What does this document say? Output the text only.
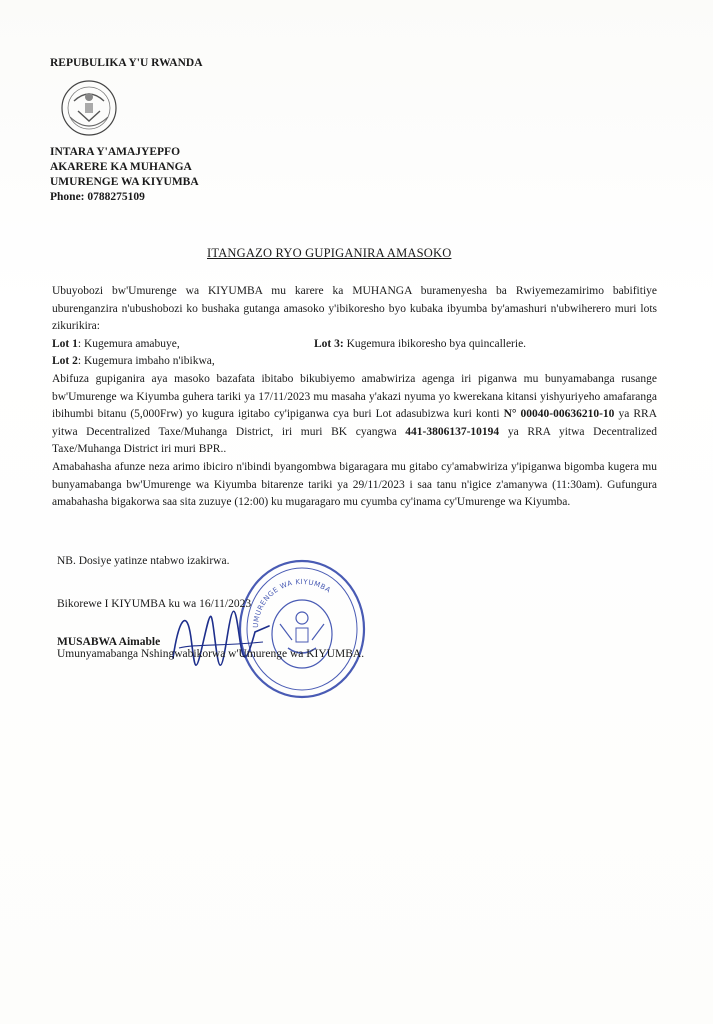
REPUBULIKA Y'U RWANDA
INTARA Y'AMAJYEPFO
AKARERE KA MUHANGA
UMURENGE WA KIYUMBA
Phone: 0788275109
ITANGAZO RYO GUPIGANIRA AMASOKO

Ubuyobozi bw'Umurenge wa KIYUMBA mu karere ka MUHANGA buramenyesha ba Rwiyemezamirimo babifitiye uburenganzira n'ubushobozi ko bushaka gutanga amasoko y'ibikoresho byo kubaka ibyumba by'amashuri n'ubwiherero muri lots zikurikira:

Lot 1: Kugemura amabuye,	Lot 3: Kugemura ibikoresho bya quincallerie.
Lot 2: Kugemura imbaho n'ibikwa,

Abifuza gupiganira aya masoko bazafata ibitabo bikubiyemo amabwiriza agenga iri piganwa mu bunyamabanga rusange bw'Umurenge wa Kiyumba guhera tariki ya 17/11/2023 mu masaha y'akazi nyuma yo kwerekana kitansi yishyuriyeho amafaranga ibihumbi bitanu (5,000Frw) yo kugura igitabo cy'ipiganwa cya buri Lot adasubizwa kuri konti N° 00040-00636210-10 ya RRA yitwa Decentralized Taxe/Muhanga District, iri muri BK cyangwa 441-3806137-10194 ya RRA yitwa Decentralized Taxe/Muhanga District iri muri BPR..

Amabahasha afunze neza arimo ibiciro n'ibindi byangombwa bigaragara mu gitabo cy'amabwiriza y'ipiganwa bigomba kugera mu bunyamabanga bw'Umurenge wa Kiyumba bitarenze tariki ya 29/11/2023 i saa tanu n'igice z'amanywa (11:30am). Gufungura amabahasha bigakorwa saa sita zuzuye (12:00) ku mugaragaro mu cyumba cy'inama cy'Umurenge wa Kiyumba.

NB. Dosiye yatinze ntabwo izakirwa.
UMURENGE WA KIYUMBA
Bikorewe I KIYUMBA ku wa 16/11/2023
MUSABWA Aimable
Umunyamabanga Nshingwabikorwa w'Umurenge wa KIYUMBA.
